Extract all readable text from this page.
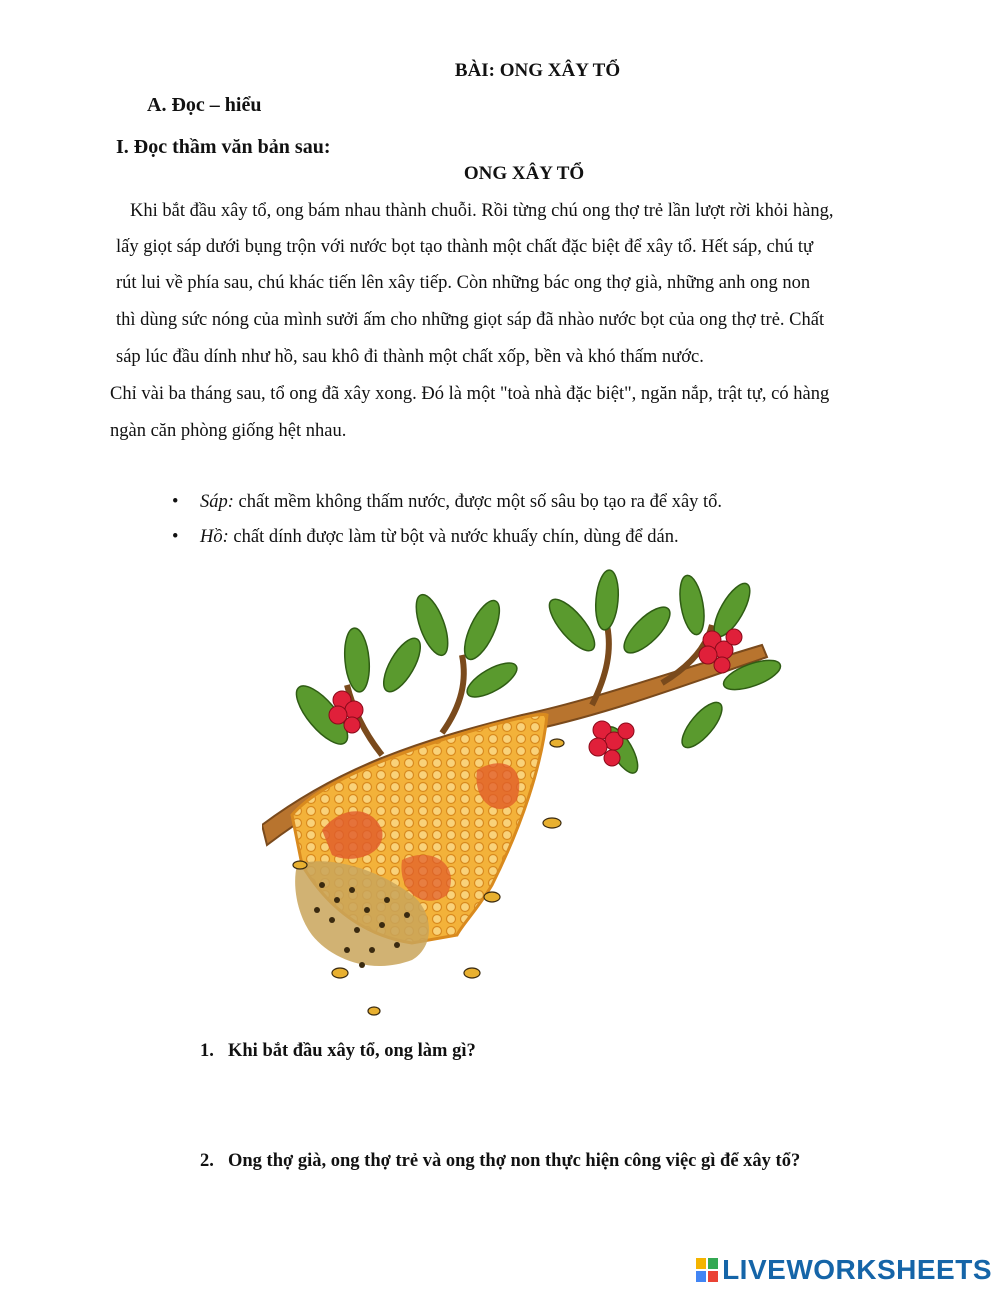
BÀI: ONG XÂY TỔ
A. Đọc – hiểu
I. Đọc thầm văn bản sau:
ONG XÂY TỔ
Khi bắt đầu xây tổ, ong bám nhau thành chuỗi. Rồi từng chú ong thợ trẻ lần lượt rời khỏi hàng,
lấy giọt sáp dưới bụng trộn với nước bọt tạo thành một chất đặc biệt để xây tổ. Hết sáp, chú tự
rút lui về phía sau, chú khác tiến lên xây tiếp. Còn những bác ong thợ già, những anh ong non
thì dùng sức nóng của mình sưởi ấm cho những giọt sáp đã nhào nước bọt của ong thợ trẻ. Chất
sáp lúc đầu dính như hồ, sau khô đi thành một chất xốp, bền và khó thấm nước.
Chỉ vài ba tháng sau, tổ ong đã xây xong. Đó là một "toà nhà đặc biệt", ngăn nắp, trật tự, có hàng
ngàn căn phòng giống hệt nhau.
• Sáp: chất mềm không thấm nước, được một số sâu bọ tạo ra để xây tổ.
• Hồ: chất dính được làm từ bột và nước khuấy chín, dùng để dán.
1. Khi bắt đầu xây tổ, ong làm gì?
2. Ong thợ già, ong thợ trẻ và ong thợ non thực hiện công việc gì để xây tổ?
LIVEWORKSHEETS
